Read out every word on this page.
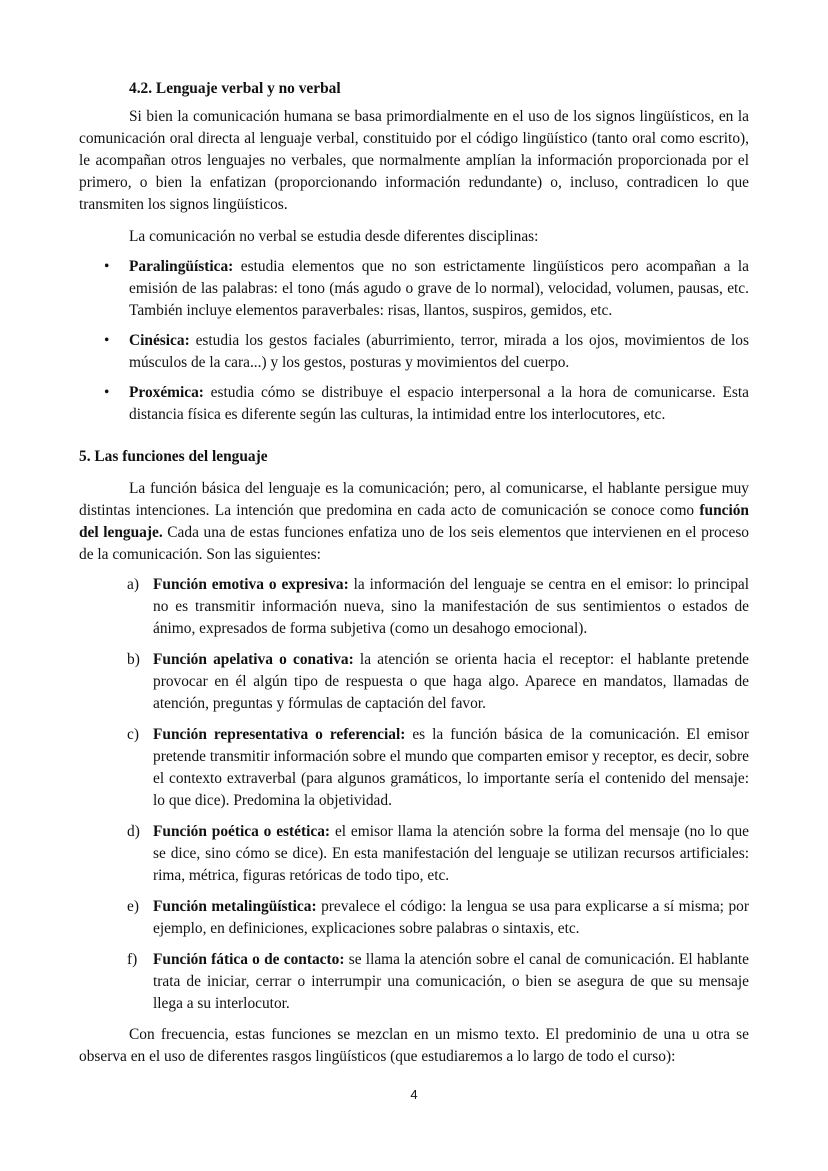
4.2. Lenguaje verbal y no verbal

Si bien la comunicación humana se basa primordialmente en el uso de los signos lingüísticos, en la comunicación oral directa al lenguaje verbal, constituido por el código lingüístico (tanto oral como escrito), le acompañan otros lenguajes no verbales, que normalmente amplían la información proporcionada por el primero, o bien la enfatizan (proporcionando información redundante) o, incluso, contradicen lo que transmiten los signos lingüísticos.

La comunicación no verbal se estudia desde diferentes disciplinas:

• Paralingüística: estudia elementos que no son estrictamente lingüísticos pero acompañan a la emisión de las palabras: el tono (más agudo o grave de lo normal), velocidad, volumen, pausas, etc. También incluye elementos paraverbales: risas, llantos, suspiros, gemidos, etc.
• Cinésica: estudia los gestos faciales (aburrimiento, terror, mirada a los ojos, movimientos de los músculos de la cara...) y los gestos, posturas y movimientos del cuerpo.
• Proxémica: estudia cómo se distribuye el espacio interpersonal a la hora de comunicarse. Esta distancia física es diferente según las culturas, la intimidad entre los interlocutores, etc.
5. Las funciones del lenguaje

La función básica del lenguaje es la comunicación; pero, al comunicarse, el hablante persigue muy distintas intenciones. La intención que predomina en cada acto de comunicación se conoce como función del lenguaje. Cada una de estas funciones enfatiza uno de los seis elementos que intervienen en el proceso de la comunicación. Son las siguientes:

a) Función emotiva o expresiva: la información del lenguaje se centra en el emisor: lo principal no es transmitir información nueva, sino la manifestación de sus sentimientos o estados de ánimo, expresados de forma subjetiva (como un desahogo emocional).
b) Función apelativa o conativa: la atención se orienta hacia el receptor: el hablante pretende provocar en él algún tipo de respuesta o que haga algo. Aparece en mandatos, llamadas de atención, preguntas y fórmulas de captación del favor.
c) Función representativa o referencial: es la función básica de la comunicación. El emisor pretende transmitir información sobre el mundo que comparten emisor y receptor, es decir, sobre el contexto extraverbal (para algunos gramáticos, lo importante sería el contenido del mensaje: lo que dice). Predomina la objetividad.
d) Función poética o estética: el emisor llama la atención sobre la forma del mensaje (no lo que se dice, sino cómo se dice). En esta manifestación del lenguaje se utilizan recursos artificiales: rima, métrica, figuras retóricas de todo tipo, etc.
e) Función metalingüística: prevalece el código: la lengua se usa para explicarse a sí misma; por ejemplo, en definiciones, explicaciones sobre palabras o sintaxis, etc.
f) Función fática o de contacto: se llama la atención sobre el canal de comunicación. El hablante trata de iniciar, cerrar o interrumpir una comunicación, o bien se asegura de que su mensaje llega a su interlocutor.

Con frecuencia, estas funciones se mezclan en un mismo texto. El predominio de una u otra se observa en el uso de diferentes rasgos lingüísticos (que estudiaremos a lo largo de todo el curso):

4
